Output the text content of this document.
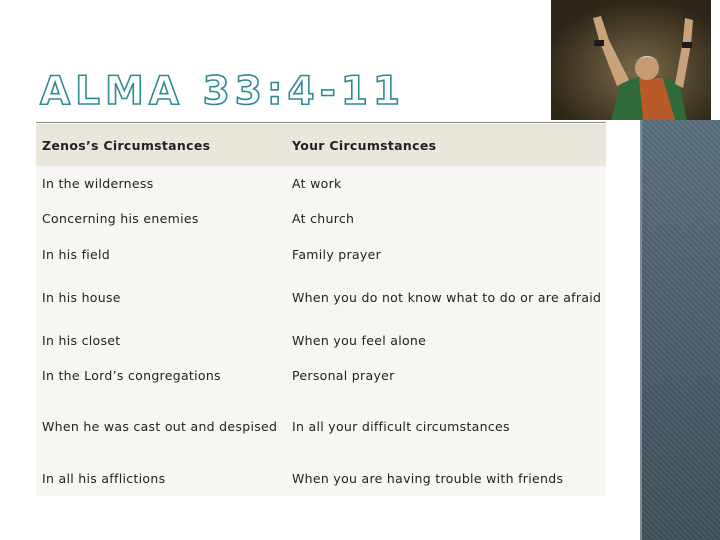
ALMA 33:4-11
Zenos’s Circumstances	Your Circumstances
In the wilderness	At work
Concerning his enemies	At church
In his field	Family prayer
In his house	When you do not know what to do or are afraid
In his closet	When you feel alone
In the Lord’s congregations	Personal prayer
When he was cast out and despised	In all your difficult circumstances
In all his afflictions	When you are having trouble with friends
